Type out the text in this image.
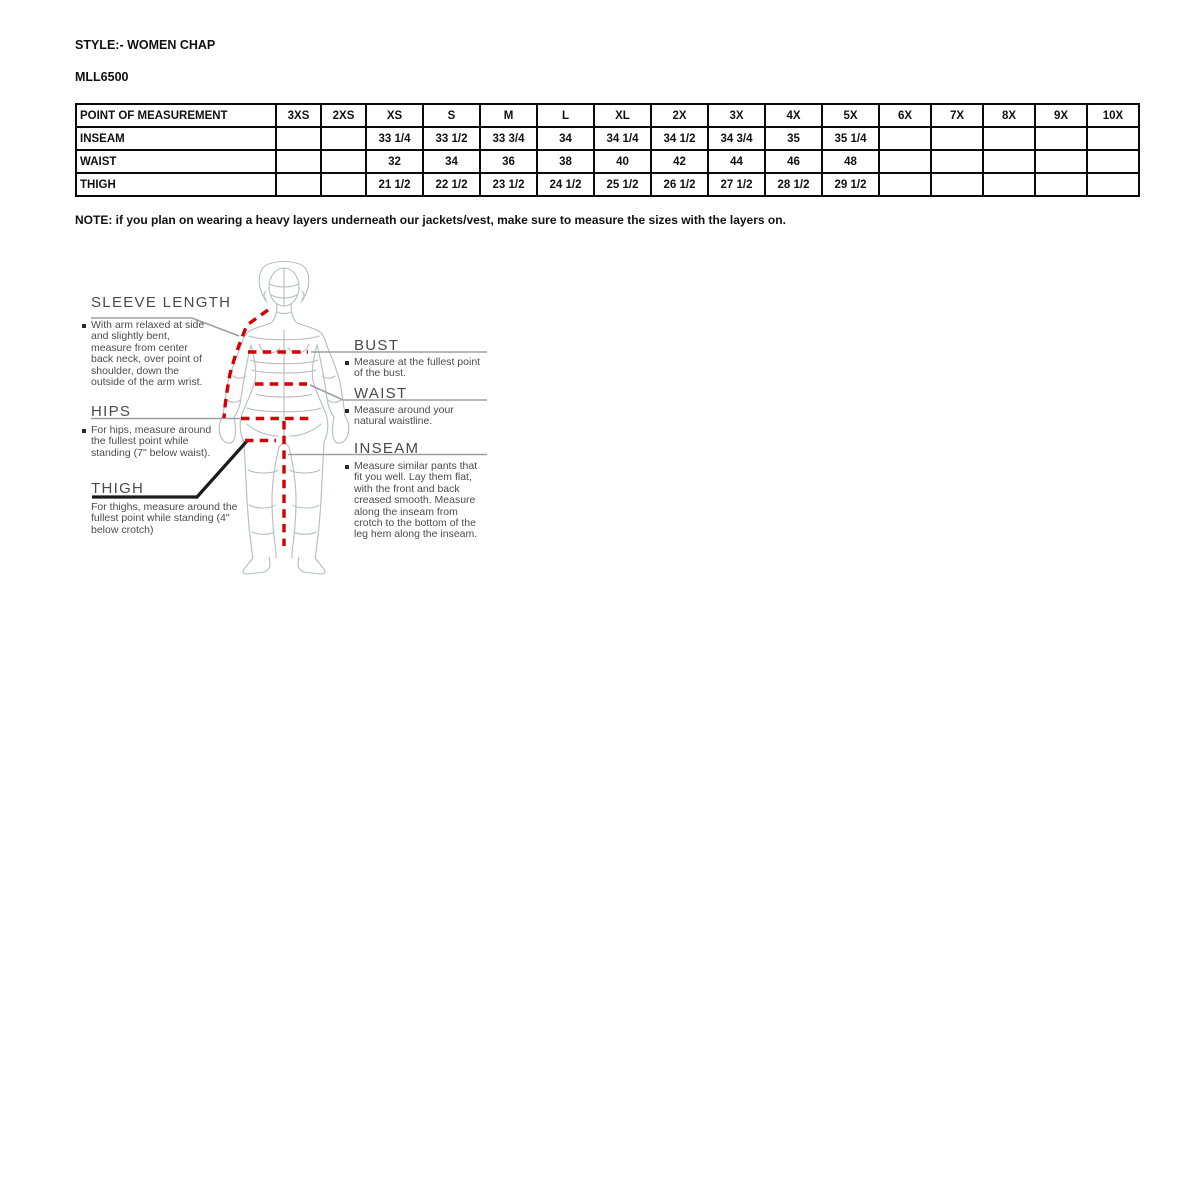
STYLE:- WOMEN CHAP
MLL6500
POINT OF MEASUREMENT	3XS	2XS	XS	S	M	L	XL	2X	3X	4X	5X	6X	7X	8X	9X	10X
INSEAM			33 1/4	33 1/2	33 3/4	34	34 1/4	34 1/2	34 3/4	35	35 1/4					
WAIST			32	34	36	38	40	42	44	46	48					
THIGH			21 1/2	22 1/2	23 1/2	24 1/2	25 1/2	26 1/2	27 1/2	28 1/2	29 1/2					
NOTE: if you plan on wearing a heavy layers underneath our jackets/vest, make sure to measure the sizes with the layers on.
SLEEVE LENGTH

With arm relaxed at side and slightly bent, measure from center back neck, over point of shoulder, down the outside of the arm wrist.

HIPS

For hips, measure around the fullest point while standing (7" below waist).

THIGH

For thighs, measure around the fullest point while standing (4" below crotch)

BUST

Measure at the fullest point of the bust.

WAIST

Measure around your natural waistline.

INSEAM

Measure similar pants that fit you well. Lay them flat, with the front and back creased smooth. Measure along the inseam from crotch to the bottom of the leg hem along the inseam.
